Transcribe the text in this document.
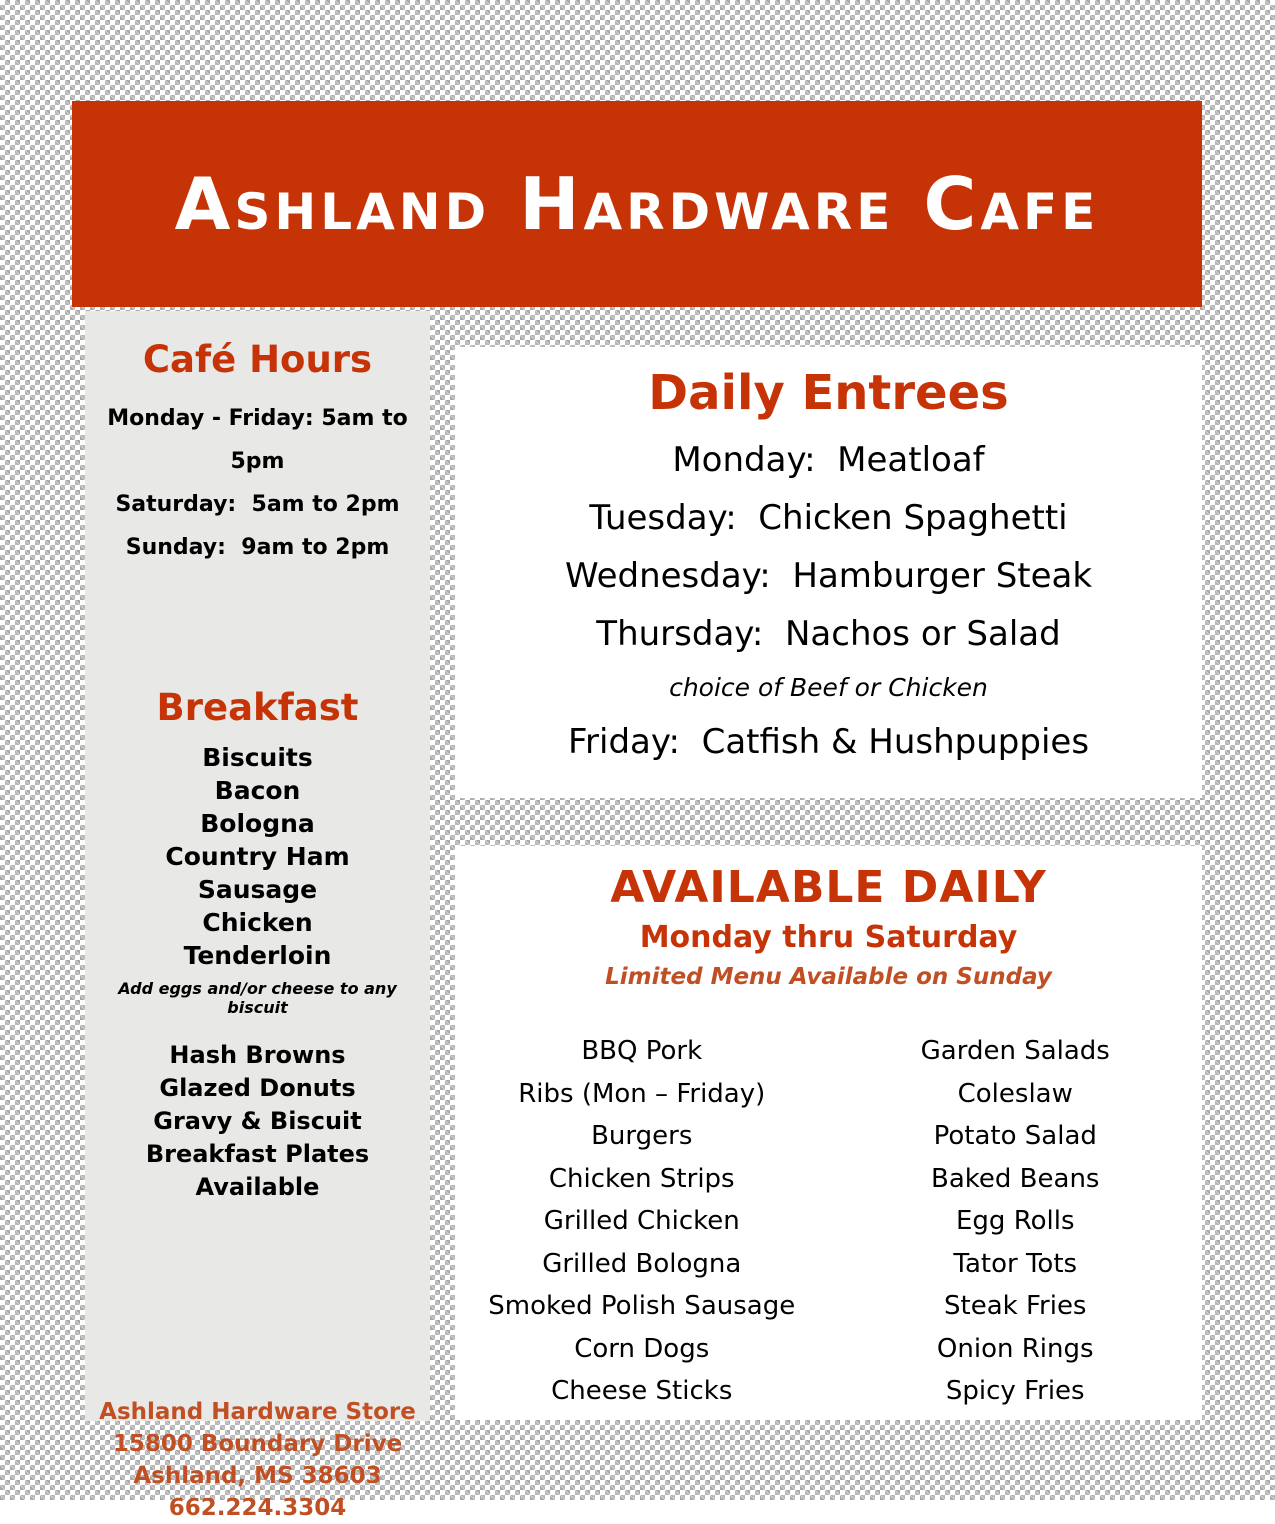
Ashland Hardware Cafe
Café Hours
Monday - Friday: 5am to 5pm
Saturday:  5am to 2pm
Sunday:  9am to 2pm
Breakfast
Biscuits
Bacon
Bologna
Country Ham
Sausage
Chicken
Tenderloin
Add eggs and/or cheese to any biscuit
Hash Browns
Glazed Donuts
Gravy & Biscuit
Breakfast Plates Available
Ashland Hardware Store
15800 Boundary Drive
Ashland, MS 38603
662.224.3304
Daily Entrees
Monday:  Meatloaf
Tuesday:  Chicken Spaghetti
Wednesday:  Hamburger Steak
Thursday:  Nachos or Salad
choice of Beef or Chicken
Friday:  Catfish & Hushpuppies
AVAILABLE DAILY
Monday thru Saturday
Limited Menu Available on Sunday
BBQ Pork
Ribs (Mon – Friday)
Burgers
Chicken Strips
Grilled Chicken
Grilled Bologna
Smoked Polish Sausage
Corn Dogs
Cheese Sticks
Garden Salads
Coleslaw
Potato Salad
Baked Beans
Egg Rolls
Tator Tots
Steak Fries
Onion Rings
Spicy Fries
